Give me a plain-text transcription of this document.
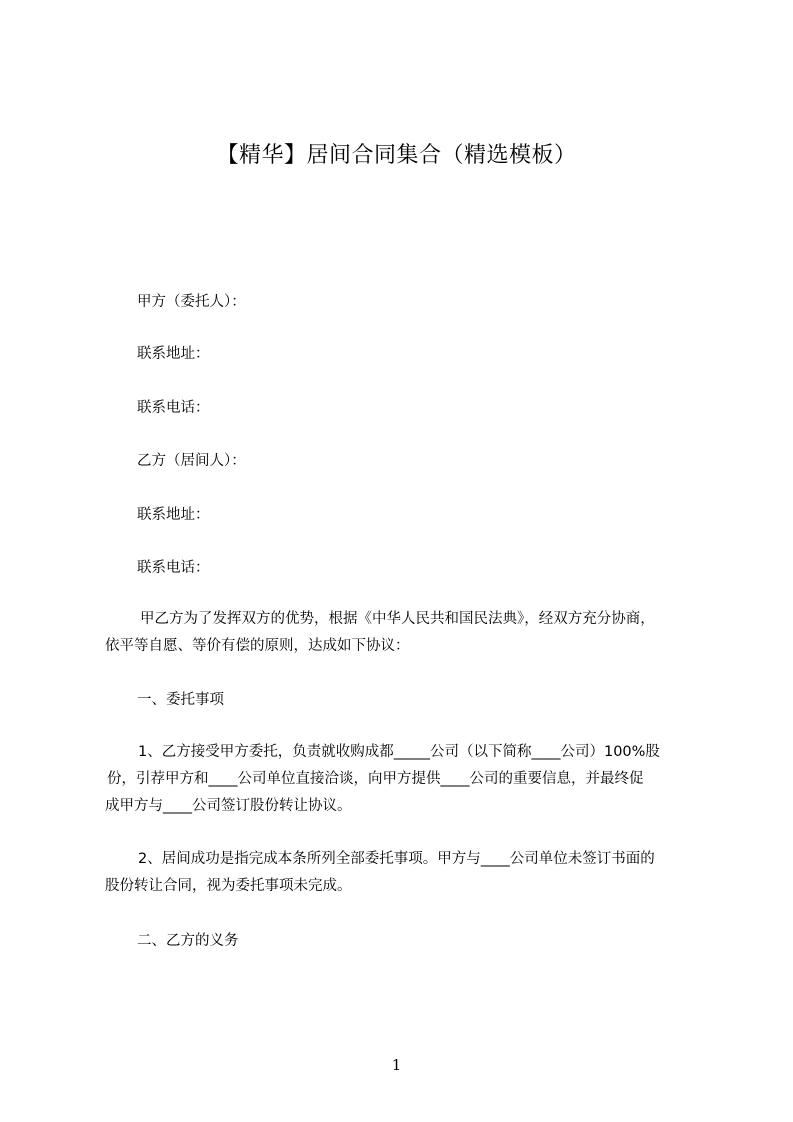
【精华】居间合同集合（精选模板）
甲方（委托人）：
联系地址：
联系电话：
乙方（居间人）：
联系地址：
联系电话：
甲乙方为了发挥双方的优势，根据《中华人民共和国民法典》，经双方充分协商，
依平等自愿、等价有偿的原则，达成如下协议：
一、委托事项
1、乙方接受甲方委托，负责就收购成都_____公司（以下简称____公司）100%股
份，引荐甲方和____公司单位直接洽谈，向甲方提供____公司的重要信息，并最终促
成甲方与____公司签订股份转让协议。
2、居间成功是指完成本条所列全部委托事项。甲方与____公司单位未签订书面的
股份转让合同，视为委托事项未完成。
二、乙方的义务
1
